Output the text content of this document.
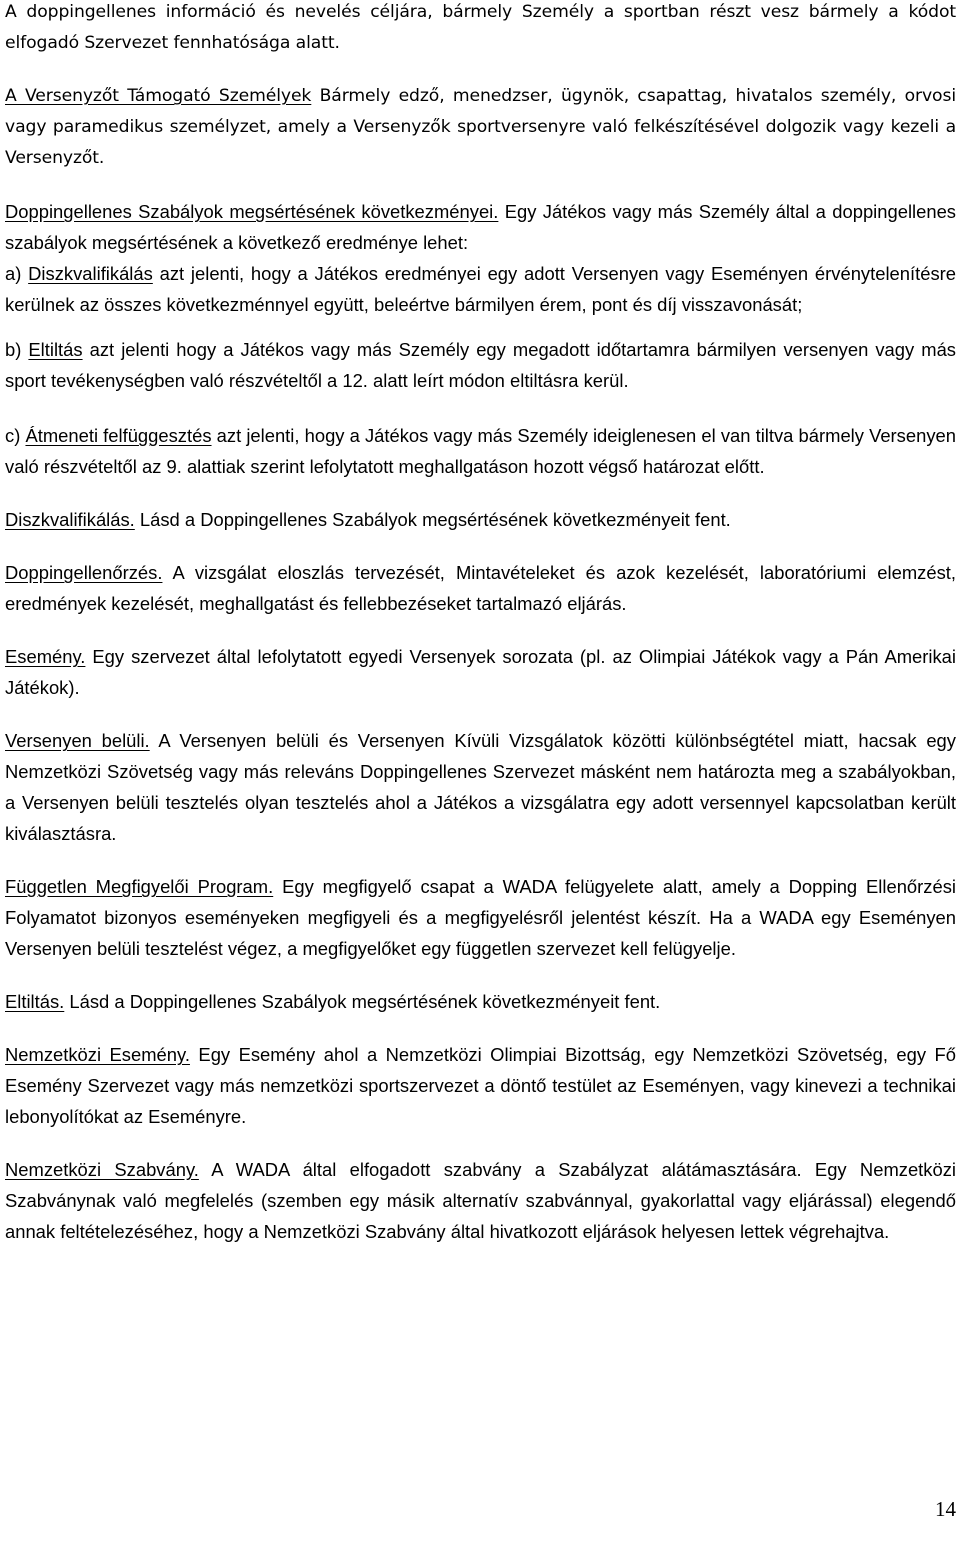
A doppingellenes információ és nevelés céljára, bármely Személy a sportban részt vesz bármely a kódot elfogadó Szervezet fennhatósága alatt.

A Versenyzőt Támogató Személyek Bármely edző, menedzser, ügynök, csapattag, hivatalos személy, orvosi vagy paramedikus személyzet, amely a Versenyzők sportversenyre való felkészítésével dolgozik vagy kezeli a Versenyzőt.

Doppingellenes Szabályok megsértésének következményei. Egy Játékos vagy más Személy által a doppingellenes szabályok megsértésének a következő eredménye lehet:
a) Diszkvalifikálás azt jelenti, hogy a Játékos eredményei egy adott Versenyen vagy Eseményen érvénytelenítésre kerülnek az összes következménnyel együtt, beleértve bármilyen érem, pont és díj visszavonását;

b) Eltiltás azt jelenti hogy a Játékos vagy más Személy egy megadott időtartamra bármilyen versenyen vagy más sport tevékenységben való részvételtől a 12. alatt leírt módon eltiltásra kerül.

c) Átmeneti felfüggesztés azt jelenti, hogy a Játékos vagy más Személy ideiglenesen el van tiltva bármely Versenyen való részvételtől az 9. alattiak szerint lefolytatott meghallgatáson hozott végső határozat előtt.

Diszkvalifikálás. Lásd a Doppingellenes Szabályok megsértésének következményeit fent.

Doppingellenőrzés. A vizsgálat eloszlás tervezését, Mintavételeket és azok kezelését, laboratóriumi elemzést, eredmények kezelését, meghallgatást és fellebbezéseket tartalmazó eljárás.

Esemény. Egy szervezet által lefolytatott egyedi Versenyek sorozata (pl. az Olimpiai Játékok vagy a Pán Amerikai Játékok).

Versenyen belüli. A Versenyen belüli és Versenyen Kívüli Vizsgálatok közötti különbségtétel miatt, hacsak egy Nemzetközi Szövetség vagy más releváns Doppingellenes Szervezet másként nem határozta meg a szabályokban, a Versenyen belüli tesztelés olyan tesztelés ahol a Játékos a vizsgálatra egy adott versennyel kapcsolatban került kiválasztásra.

Független Megfigyelői Program. Egy megfigyelő csapat a WADA felügyelete alatt, amely a Dopping Ellenőrzési Folyamatot bizonyos eseményeken megfigyeli és a megfigyelésről jelentést készít. Ha a WADA egy Eseményen Versenyen belüli tesztelést végez, a megfigyelőket egy független szervezet kell felügyelje.

Eltiltás. Lásd a Doppingellenes Szabályok megsértésének következményeit fent.

Nemzetközi Esemény. Egy Esemény ahol a Nemzetközi Olimpiai Bizottság, egy Nemzetközi Szövetség, egy Fő Esemény Szervezet vagy más nemzetközi sportszervezet a döntő testület az Eseményen, vagy kinevezi a technikai lebonyolítókat az Eseményre.

Nemzetközi Szabvány. A WADA által elfogadott szabvány a Szabályzat alátámasztására. Egy Nemzetközi Szabványnak való megfelelés (szemben egy másik alternatív szabvánnyal, gyakorlattal vagy eljárással) elegendő annak feltételezéséhez, hogy a Nemzetközi Szabvány által hivatkozott eljárások helyesen lettek végrehajtva.

14
